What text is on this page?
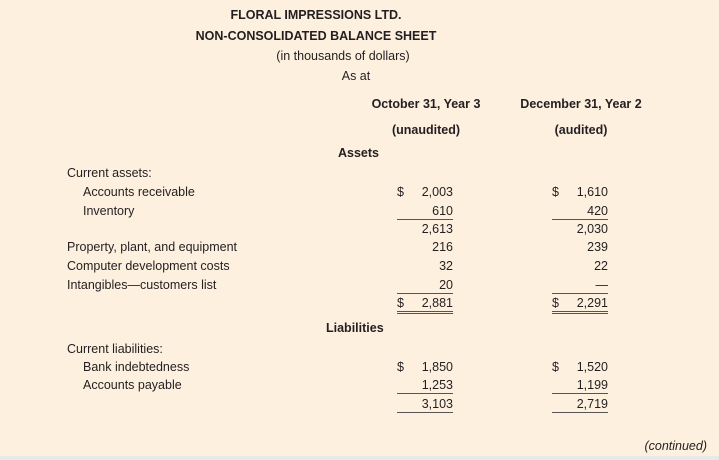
FLORAL IMPRESSIONS LTD.
NON-CONSOLIDATED BALANCE SHEET
(in thousands of dollars)
As at
October 31, Year 3
(unaudited)
December 31, Year 2
(audited)
Assets
Current assets:
Liabilities
Current liabilities:
(continued)
Accounts receivable	$ 2,003	$ 1,610
Inventory	610	420
2,613	2,030
Property, plant, and equipment	216	239
Computer development costs	32	22
Intangibles—customers list	20	—
$ 2,881	$ 2,291
Bank indebtedness	$ 1,850	$ 1,520
Accounts payable	1,253	1,199
3,103	2,719
